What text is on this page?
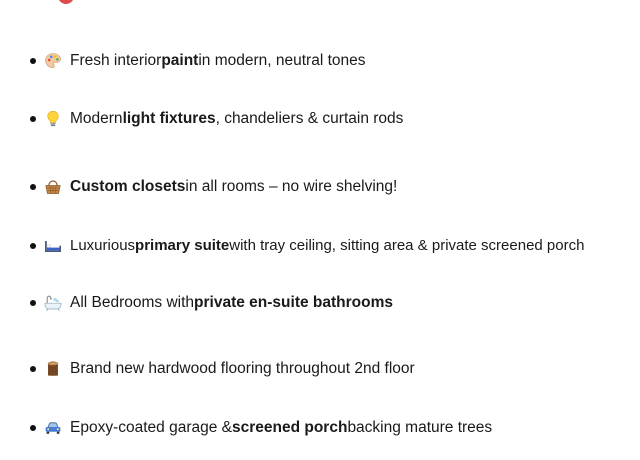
Fresh interior paint in modern, neutral tones
Modern light fixtures , chandeliers & curtain rods
Custom closets in all rooms – no wire shelving!
Luxurious primary suite with tray ceiling, sitting area & private screened porch
All Bedrooms with private en-suite bathrooms
Brand new hardwood flooring throughout 2nd floor
Epoxy-coated garage & screened porch backing mature trees
